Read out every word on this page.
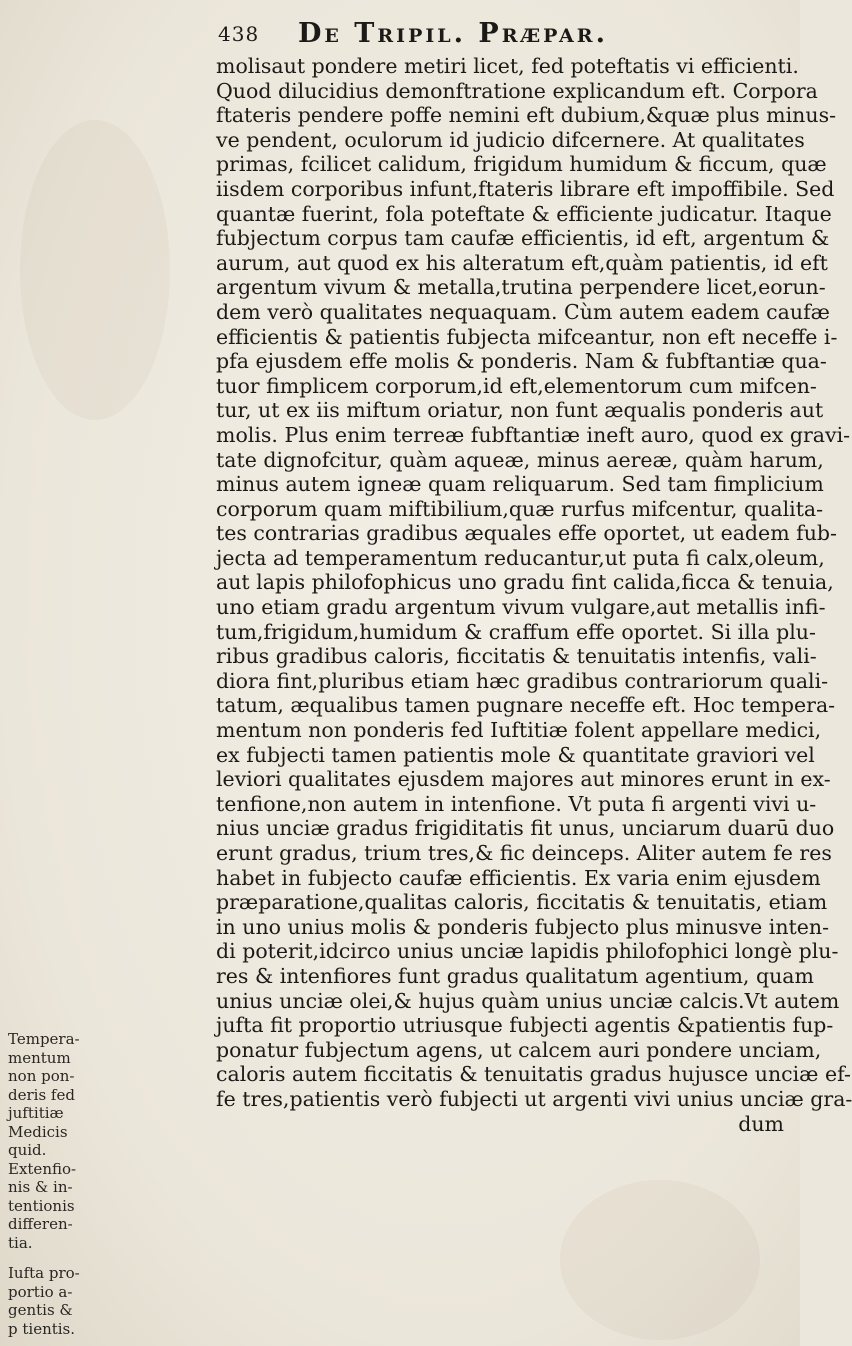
438 De Tripil. Præpar.
molisaut pondere metiri licet, fed poteftatis vi efficienti.
Quod dilucidius demonftratione explicandum eft. Corpora
ftateris pendere poffe nemini eft dubium,&quæ plus minus-
ve pendent, oculorum id judicio difcernere. At qualitates
primas, fcilicet calidum, frigidum humidum & ficcum, quæ
iisdem corporibus infunt,ftateris librare eft impoffibile. Sed
quantæ fuerint, fola poteftate & efficiente judicatur. Itaque
fubjectum corpus tam caufæ efficientis, id eft, argentum &
aurum, aut quod ex his alteratum eft,quàm patientis, id eft
argentum vivum & metalla,trutina perpendere licet,eorun-
dem verò qualitates nequaquam. Cùm autem eadem caufæ
efficientis & patientis fubjecta mifceantur, non eft neceffe i-
pfa ejusdem effe molis & ponderis. Nam & fubftantiæ qua-
tuor fimplicem corporum,id eft,elementorum cum mifcen-
tur, ut ex iis miftum oriatur, non funt æqualis ponderis aut
molis. Plus enim terreæ fubftantiæ ineft auro, quod ex gravi-
tate dignofcitur, quàm aqueæ, minus aereæ, quàm harum,
minus autem igneæ quam reliquarum. Sed tam fimplicium
corporum quam miftibilium,quæ rurfus mifcentur, qualita-
tes contrarias gradibus æquales effe oportet, ut eadem fub-
jecta ad temperamentum reducantur,ut puta fi calx,oleum,
aut lapis philofophicus uno gradu fint calida,ficca & tenuia,
uno etiam gradu argentum vivum vulgare,aut metallis infi-
tum,frigidum,humidum & craffum effe oportet. Si illa plu-
ribus gradibus caloris, ficcitatis & tenuitatis intenfis, vali-
diora fint,pluribus etiam hæc gradibus contrariorum quali-
tatum, æqualibus tamen pugnare neceffe eft. Hoc tempera-
mentum non ponderis fed Iuftitiæ folent appellare medici,
ex fubjecti tamen patientis mole & quantitate graviori vel
leviori qualitates ejusdem majores aut minores erunt in ex-
tenfione,non autem in intenfione. Vt puta fi argenti vivi u-
nius unciæ gradus frigiditatis fit unus, unciarum duarū duo
erunt gradus, trium tres,& fic deinceps. Aliter autem fe res
habet in fubjecto caufæ efficientis. Ex varia enim ejusdem
præparatione,qualitas caloris, ficcitatis & tenuitatis, etiam
in uno unius molis & ponderis fubjecto plus minusve inten-
di poterit,idcirco unius unciæ lapidis philofophici longè plu-
res & intenfiores funt gradus qualitatum agentium, quam
unius unciæ olei,& hujus quàm unius unciæ calcis.Vt autem
jufta fit proportio utriusque fubjecti agentis &patientis fup-
ponatur fubjectum agens, ut calcem auri pondere unciam,
caloris autem ficcitatis & tenuitatis gradus hujusce unciæ ef-
fe tres,patientis verò fubjecti ut argenti vivi unius unciæ gra-
dum
Tempera-
mentum
non pon-
deris fed
juftitiæ
Medicis
quid.
Extenfio-
nis & in-
tentionis
differen-
tia.
Iufta pro-
portio a-
gentis &
p tientis.
